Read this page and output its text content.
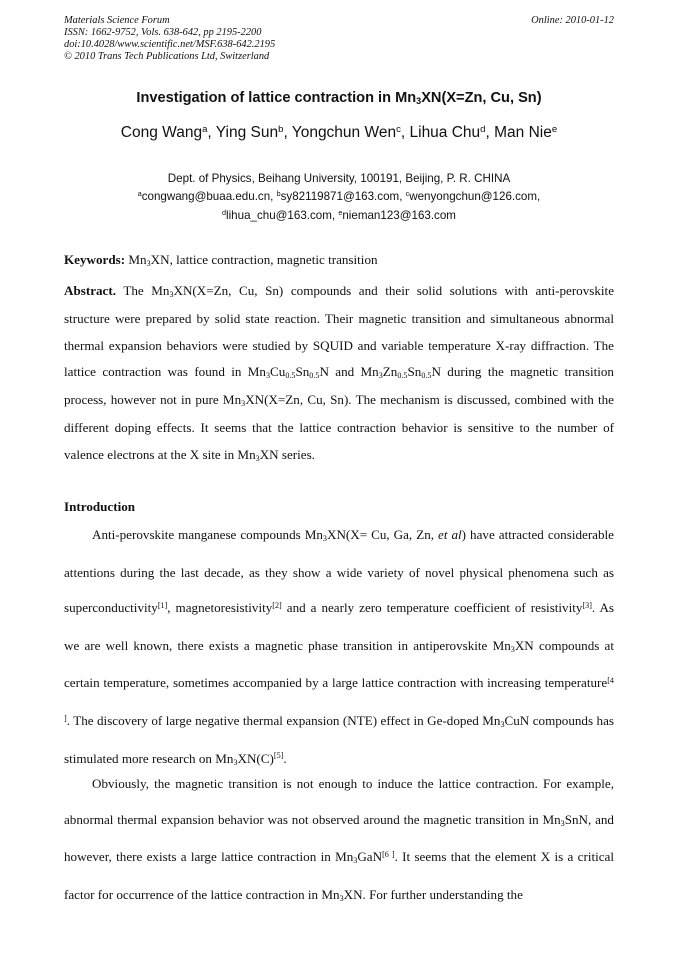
Materials Science Forum
ISSN: 1662-9752, Vols. 638-642, pp 2195-2200
doi:10.4028/www.scientific.net/MSF.638-642.2195
© 2010 Trans Tech Publications Ltd, Switzerland
Online: 2010-01-12
Investigation of lattice contraction in $Mn_3XN(X=Zn$, Cu, Sn)
Cong Wang$^a$, Ying Sun$^b$, Yongchun Wen$^c$, Lihua Chu$^d$, Man Nie$^e$
Dept. of Physics, Beihang University, 100191, Beijing, P. R. CHINA
$^a$congwang@buaa.edu.cn, $^b$sy82119871@163.com, $^c$wenyongchun@126.com,
$^d$lihua_chu@163.com, $^e$nieman123@163.com
Keywords: $Mn_3XN$, lattice contraction, magnetic transition
Abstract. The $Mn_3XN(X=Zn$, Cu, Sn) compounds and their solid solutions with anti-perovskite structure were prepared by solid state reaction. Their magnetic transition and simultaneous abnormal thermal expansion behaviors were studied by SQUID and variable temperature X-ray diffraction. The lattice contraction was found in $Mn_3Cu_{0.5}Sn_{0.5}N$ and $Mn_3Zn_{0.5}Sn_{0.5}N$ during the magnetic transition process, however not in pure $Mn_3XN(X=Zn$, Cu, Sn). The mechanism is discussed, combined with the different doping effects. It seems that the lattice contraction behavior is sensitive to the number of valence electrons at the X site in $Mn_3XN$ series.
Introduction
Anti-perovskite manganese compounds $Mn_3XN(X= Cu$, Ga, Zn, et al) have attracted considerable attentions during the last decade, as they show a wide variety of novel physical phenomena such as superconductivity[1], magnetoresistivity[2] and a nearly zero temperature coefficient of resistivity[3]. As we are well known, there exists a magnetic phase transition in antiperovskite $Mn_3XN$ compounds at certain temperature, sometimes accompanied by a large lattice contraction with increasing temperature[4 ]. The discovery of large negative thermal expansion (NTE) effect in Ge-doped $Mn_3CuN$ compounds has stimulated more research on $Mn_3XN(C)[5]$.
Obviously, the magnetic transition is not enough to induce the lattice contraction. For example, abnormal thermal expansion behavior was not observed around the magnetic transition in $Mn_3SnN$, and however, there exists a large lattice contraction in $Mn_3GaN[6 ]$. It seems that the element X is a critical factor for occurrence of the lattice contraction in $Mn_3XN$. For further understanding the
